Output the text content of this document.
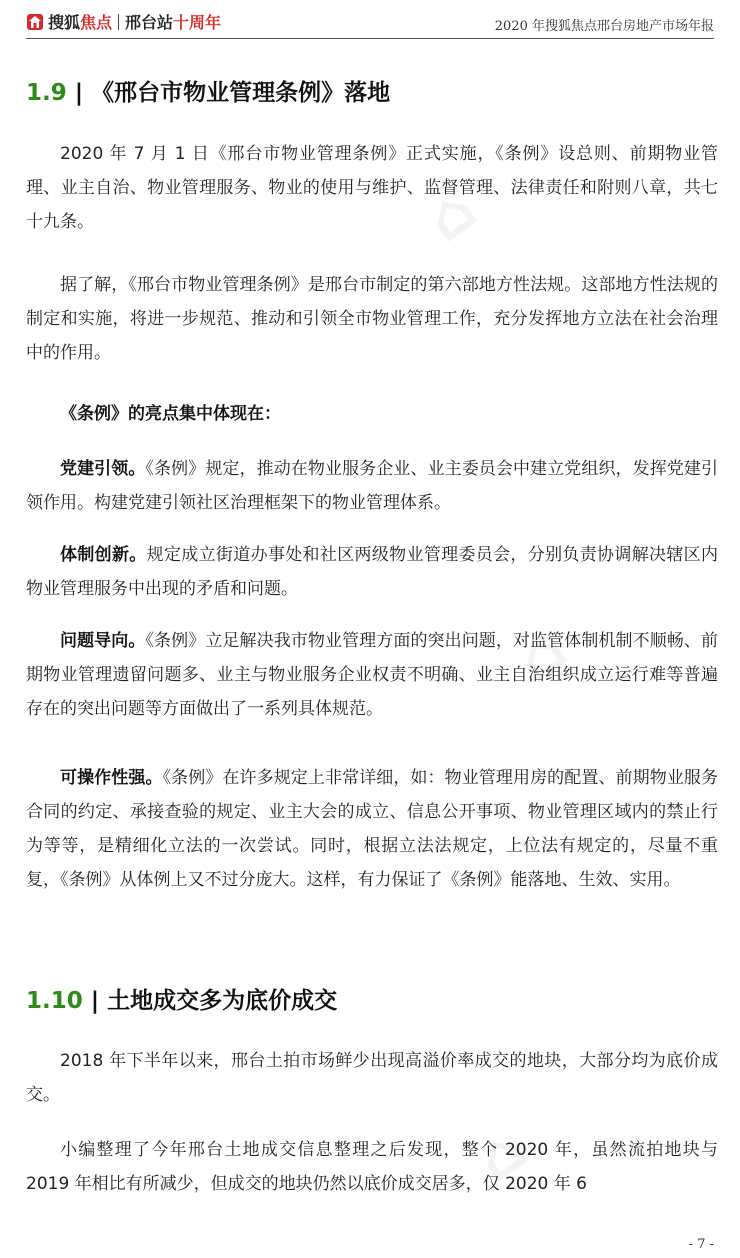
⌂
⌂
⌂
搜狐焦点 邢台站十周年	2020 年搜狐焦点邢台房地产市场年报
1.9 | 《邢台市物业管理条例》落地
2020 年 7 月 1 日《邢台市物业管理条例》正式实施，《条例》设总则、前期物业管理、业主自治、物业管理服务、物业的使用与维护、监督管理、法律责任和附则八章，共七十九条。
据了解，《邢台市物业管理条例》是邢台市制定的第六部地方性法规。这部地方性法规的制定和实施，将进一步规范、推动和引领全市物业管理工作，充分发挥地方立法在社会治理中的作用。
《条例》的亮点集中体现在：
党建引领。《条例》规定，推动在物业服务企业、业主委员会中建立党组织，发挥党建引领作用。构建党建引领社区治理框架下的物业管理体系。
体制创新。规定成立街道办事处和社区两级物业管理委员会，分别负责协调解决辖区内物业管理服务中出现的矛盾和问题。
问题导向。《条例》立足解决我市物业管理方面的突出问题，对监管体制机制不顺畅、前期物业管理遗留问题多、业主与物业服务企业权责不明确、业主自治组织成立运行难等普遍存在的突出问题等方面做出了一系列具体规范。
可操作性强。《条例》在许多规定上非常详细，如：物业管理用房的配置、前期物业服务合同的约定、承接查验的规定、业主大会的成立、信息公开事项、物业管理区域内的禁止行为等等，是精细化立法的一次尝试。同时，根据立法法规定，上位法有规定的，尽量不重复，《条例》从体例上又不过分庞大。这样，有力保证了《条例》能落地、生效、实用。
1.10 | 土地成交多为底价成交
2018 年下半年以来，邢台土拍市场鲜少出现高溢价率成交的地块，大部分均为底价成交。
小编整理了今年邢台土地成交信息整理之后发现，整个 2020 年，虽然流拍地块与 2019 年相比有所减少，但成交的地块仍然以底价成交居多，仅 2020 年 6
- 7 -
